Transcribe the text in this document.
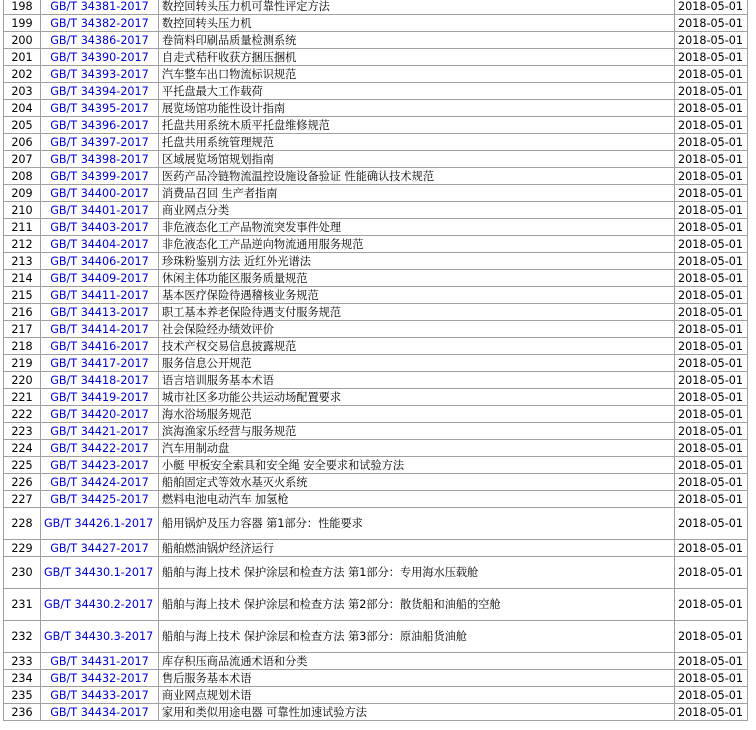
198	GB/T 34381-2017	数控回转头压力机可靠性评定方法	2018-05-01
199	GB/T 34382-2017	数控回转头压力机	2018-05-01
200	GB/T 34386-2017	卷筒料印刷品质量检测系统	2018-05-01
201	GB/T 34390-2017	自走式秸秆收获方捆压捆机	2018-05-01
202	GB/T 34393-2017	汽车整车出口物流标识规范	2018-05-01
203	GB/T 34394-2017	平托盘最大工作载荷	2018-05-01
204	GB/T 34395-2017	展览场馆功能性设计指南	2018-05-01
205	GB/T 34396-2017	托盘共用系统木质平托盘维修规范	2018-05-01
206	GB/T 34397-2017	托盘共用系统管理规范	2018-05-01
207	GB/T 34398-2017	区域展览场馆规划指南	2018-05-01
208	GB/T 34399-2017	医药产品冷链物流温控设施设备验证 性能确认技术规范	2018-05-01
209	GB/T 34400-2017	消费品召回 生产者指南	2018-05-01
210	GB/T 34401-2017	商业网点分类	2018-05-01
211	GB/T 34403-2017	非危液态化工产品物流突发事件处理	2018-05-01
212	GB/T 34404-2017	非危液态化工产品逆向物流通用服务规范	2018-05-01
213	GB/T 34406-2017	珍珠粉鉴别方法 近红外光谱法	2018-05-01
214	GB/T 34409-2017	休闲主体功能区服务质量规范	2018-05-01
215	GB/T 34411-2017	基本医疗保险待遇稽核业务规范	2018-05-01
216	GB/T 34413-2017	职工基本养老保险待遇支付服务规范	2018-05-01
217	GB/T 34414-2017	社会保险经办绩效评价	2018-05-01
218	GB/T 34416-2017	技术产权交易信息披露规范	2018-05-01
219	GB/T 34417-2017	服务信息公开规范	2018-05-01
220	GB/T 34418-2017	语言培训服务基本术语	2018-05-01
221	GB/T 34419-2017	城市社区多功能公共运动场配置要求	2018-05-01
222	GB/T 34420-2017	海水浴场服务规范	2018-05-01
223	GB/T 34421-2017	滨海渔家乐经营与服务规范	2018-05-01
224	GB/T 34422-2017	汽车用制动盘	2018-05-01
225	GB/T 34423-2017	小艇 甲板安全索具和安全绳 安全要求和试验方法	2018-05-01
226	GB/T 34424-2017	船舶固定式等效水基灭火系统	2018-05-01
227	GB/T 34425-2017	燃料电池电动汽车 加氢枪	2018-05-01
228	GB/T 34426.1-2017	船用锅炉及压力容器 第1部分：性能要求	2018-05-01
229	GB/T 34427-2017	船舶燃油锅炉经济运行	2018-05-01
230	GB/T 34430.1-2017	船舶与海上技术 保护涂层和检查方法 第1部分：专用海水压载舱	2018-05-01
231	GB/T 34430.2-2017	船舶与海上技术 保护涂层和检查方法 第2部分：散货船和油船的空舱	2018-05-01
232	GB/T 34430.3-2017	船舶与海上技术 保护涂层和检查方法 第3部分：原油船货油舱	2018-05-01
233	GB/T 34431-2017	库存积压商品流通术语和分类	2018-05-01
234	GB/T 34432-2017	售后服务基本术语	2018-05-01
235	GB/T 34433-2017	商业网点规划术语	2018-05-01
236	GB/T 34434-2017	家用和类似用途电器 可靠性加速试验方法	2018-05-01
